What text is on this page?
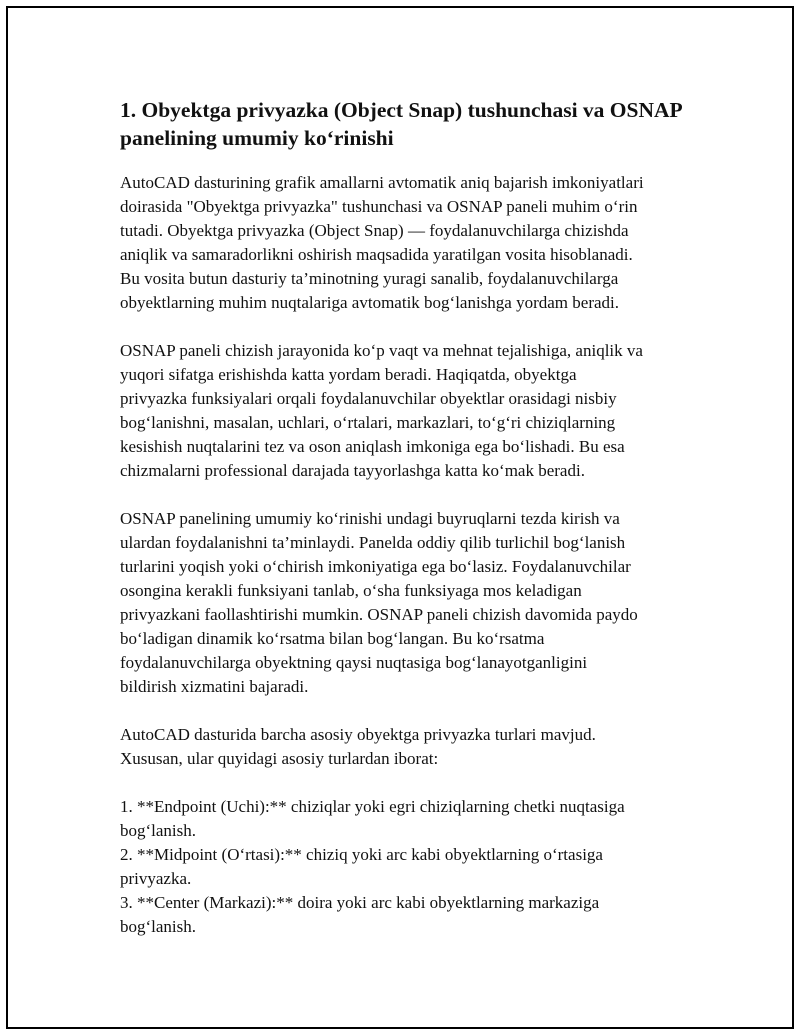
1. Obyektga privyazka (Object Snap) tushunchasi va OSNAP
panelining umumiy ko‘rinishi

AutoCAD dasturining grafik amallarni avtomatik aniq bajarish imkoniyatlari
doirasida "Obyektga privyazka" tushunchasi va OSNAP paneli muhim o‘rin
tutadi. Obyektga privyazka (Object Snap) — foydalanuvchilarga chizishda
aniqlik va samaradorlikni oshirish maqsadida yaratilgan vosita hisoblanadi.
Bu vosita butun dasturiy ta’minotning yuragi sanalib, foydalanuvchilarga
obyektlarning muhim nuqtalariga avtomatik bog‘lanishga yordam beradi.

OSNAP paneli chizish jarayonida ko‘p vaqt va mehnat tejalishiga, aniqlik va
yuqori sifatga erishishda katta yordam beradi. Haqiqatda, obyektga
privyazka funksiyalari orqali foydalanuvchilar obyektlar orasidagi nisbiy
bog‘lanishni, masalan, uchlari, o‘rtalari, markazlari, to‘g‘ri chiziqlarning
kesishish nuqtalarini tez va oson aniqlash imkoniga ega bo‘lishadi. Bu esa
chizmalarni professional darajada tayyorlashga katta ko‘mak beradi.

OSNAP panelining umumiy ko‘rinishi undagi buyruqlarni tezda kirish va
ulardan foydalanishni ta’minlaydi. Panelda oddiy qilib turlichil bog‘lanish
turlarini yoqish yoki o‘chirish imkoniyatiga ega bo‘lasiz. Foydalanuvchilar
osongina kerakli funksiyani tanlab, o‘sha funksiyaga mos keladigan
privyazkani faollashtirishi mumkin. OSNAP paneli chizish davomida paydo
bo‘ladigan dinamik ko‘rsatma bilan bog‘langan. Bu ko‘rsatma
foydalanuvchilarga obyektning qaysi nuqtasiga bog‘lanayotganligini
bildirish xizmatini bajaradi.

AutoCAD dasturida barcha asosiy obyektga privyazka turlari mavjud.
Xususan, ular quyidagi asosiy turlardan iborat:

1. **Endpoint (Uchi):** chiziqlar yoki egri chiziqlarning chetki nuqtasiga
bog‘lanish.
2. **Midpoint (O‘rtasi):** chiziq yoki arc kabi obyektlarning o‘rtasiga
privyazka.
3. **Center (Markazi):** doira yoki arc kabi obyektlarning markaziga
bog‘lanish.
